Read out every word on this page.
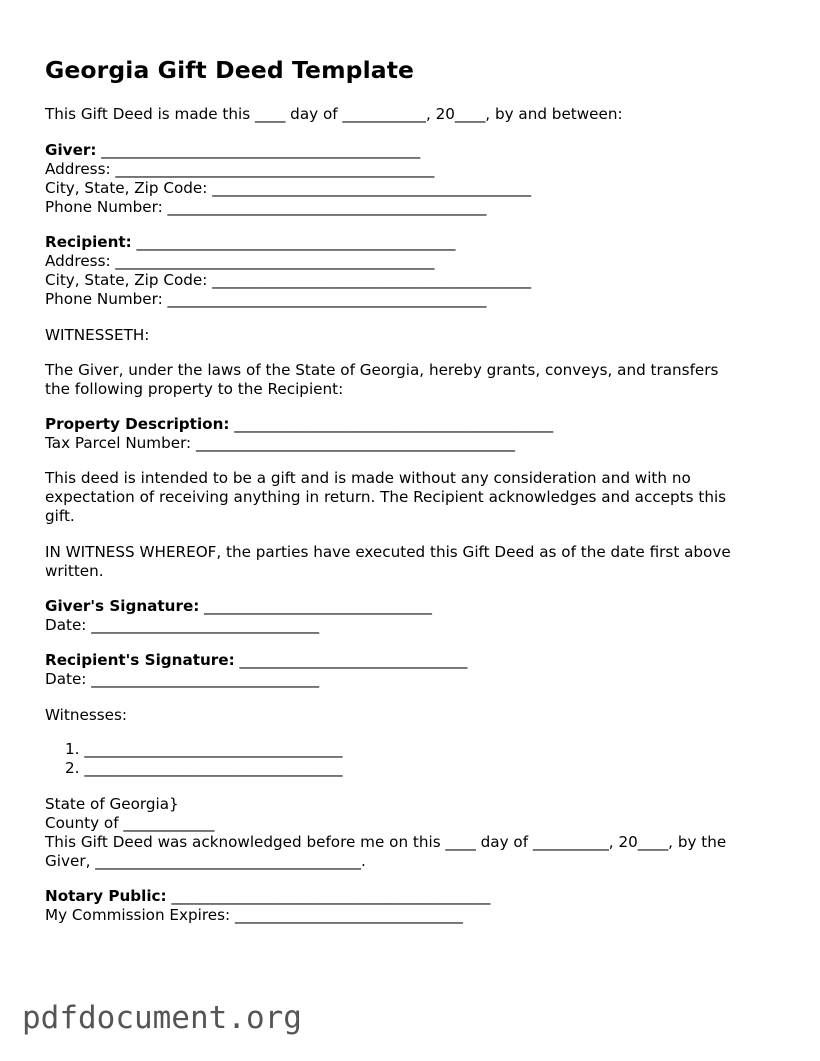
Georgia Gift Deed Template

This Gift Deed is made this ____ day of ___________, 20____, by and between:

Giver: __________________________________________

Address: __________________________________________

City, State, Zip Code: __________________________________________

Phone Number: __________________________________________

Recipient: __________________________________________

Address: __________________________________________

City, State, Zip Code: __________________________________________

Phone Number: __________________________________________

WITNESSETH:

The Giver, under the laws of the State of Georgia, hereby grants, conveys, and transfers

the following property to the Recipient:

Property Description: __________________________________________

Tax Parcel Number: __________________________________________

This deed is intended to be a gift and is made without any consideration and with no

expectation of receiving anything in return. The Recipient acknowledges and accepts this

gift.

IN WITNESS WHEREOF, the parties have executed this Gift Deed as of the date first above

written.

Giver's Signature: ______________________________

Date: ______________________________

Recipient's Signature: ______________________________

Date: ______________________________

Witnesses:

1. __________________________________

2. __________________________________

State of Georgia}

County of ____________

This Gift Deed was acknowledged before me on this ____ day of __________, 20____, by the

Giver, ___________________________________.

Notary Public: __________________________________________

My Commission Expires: ______________________________

pdfdocument.org
